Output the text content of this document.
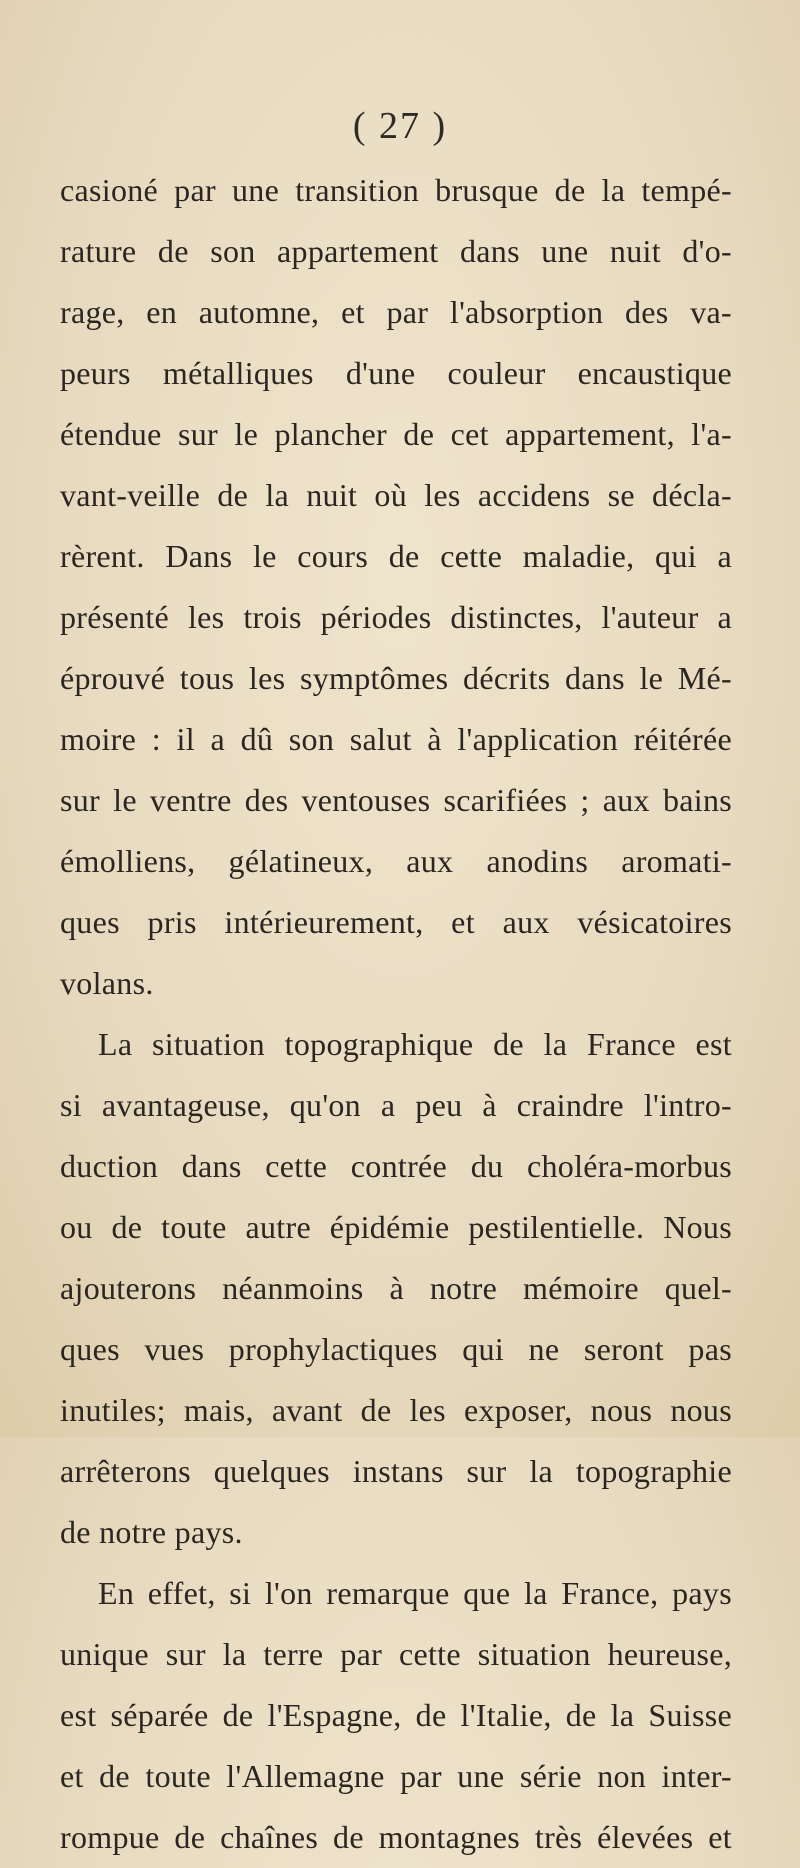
( 27 )
casioné par une transition brusque de la tempé-
rature de son appartement dans une nuit d'o-
rage, en automne, et par l'absorption des va-
peurs métalliques d'une couleur encaustique
étendue sur le plancher de cet appartement, l'a-
vant-veille de la nuit où les accidens se décla-
rèrent. Dans le cours de cette maladie, qui a
présenté les trois périodes distinctes, l'auteur a
éprouvé tous les symptômes décrits dans le Mé-
moire : il a dû son salut à l'application réitérée
sur le ventre des ventouses scarifiées ; aux bains
émolliens, gélatineux, aux anodins aromati-
ques pris intérieurement, et aux vésicatoires
volans.
La situation topographique de la France est
si avantageuse, qu'on a peu à craindre l'intro-
duction dans cette contrée du choléra-morbus
ou de toute autre épidémie pestilentielle. Nous
ajouterons néanmoins à notre mémoire quel-
ques vues prophylactiques qui ne seront pas
inutiles; mais, avant de les exposer, nous nous
arrêterons quelques instans sur la topographie
de notre pays.
En effet, si l'on remarque que la France, pays
unique sur la terre par cette situation heureuse,
est séparée de l'Espagne, de l'Italie, de la Suisse
et de toute l'Allemagne par une série non inter-
rompue de chaînes de montagnes très élevées et
